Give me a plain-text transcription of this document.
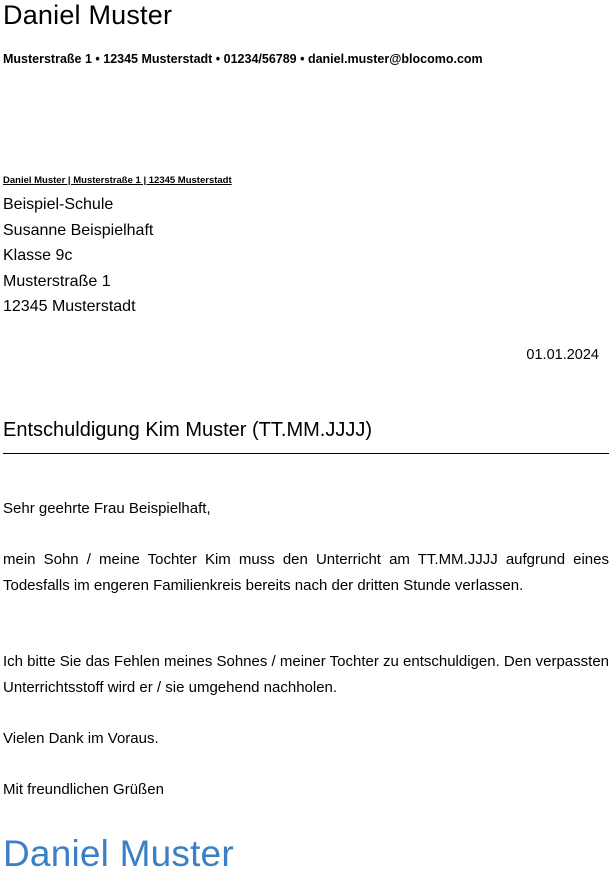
Daniel Muster
Musterstraße 1 • 12345 Musterstadt • 01234/56789 • daniel.muster@blocomo.com
Daniel Muster | Musterstraße 1 | 12345 Musterstadt
Beispiel-Schule
Susanne Beispielhaft
Klasse 9c
Musterstraße 1
12345 Musterstadt
01.01.2024
Entschuldigung Kim Muster (TT.MM.JJJJ)

Sehr geehrte Frau Beispielhaft,

mein Sohn / meine Tochter Kim muss den Unterricht am TT.MM.JJJJ aufgrund eines Todesfalls im engeren Familienkreis bereits nach der dritten Stunde verlassen.

Ich bitte Sie das Fehlen meines Sohnes / meiner Tochter zu entschuldigen. Den verpassten Unterrichtsstoff wird er / sie umgehend nachholen.

Vielen Dank im Voraus.

Mit freundlichen Grüßen

Daniel Muster
